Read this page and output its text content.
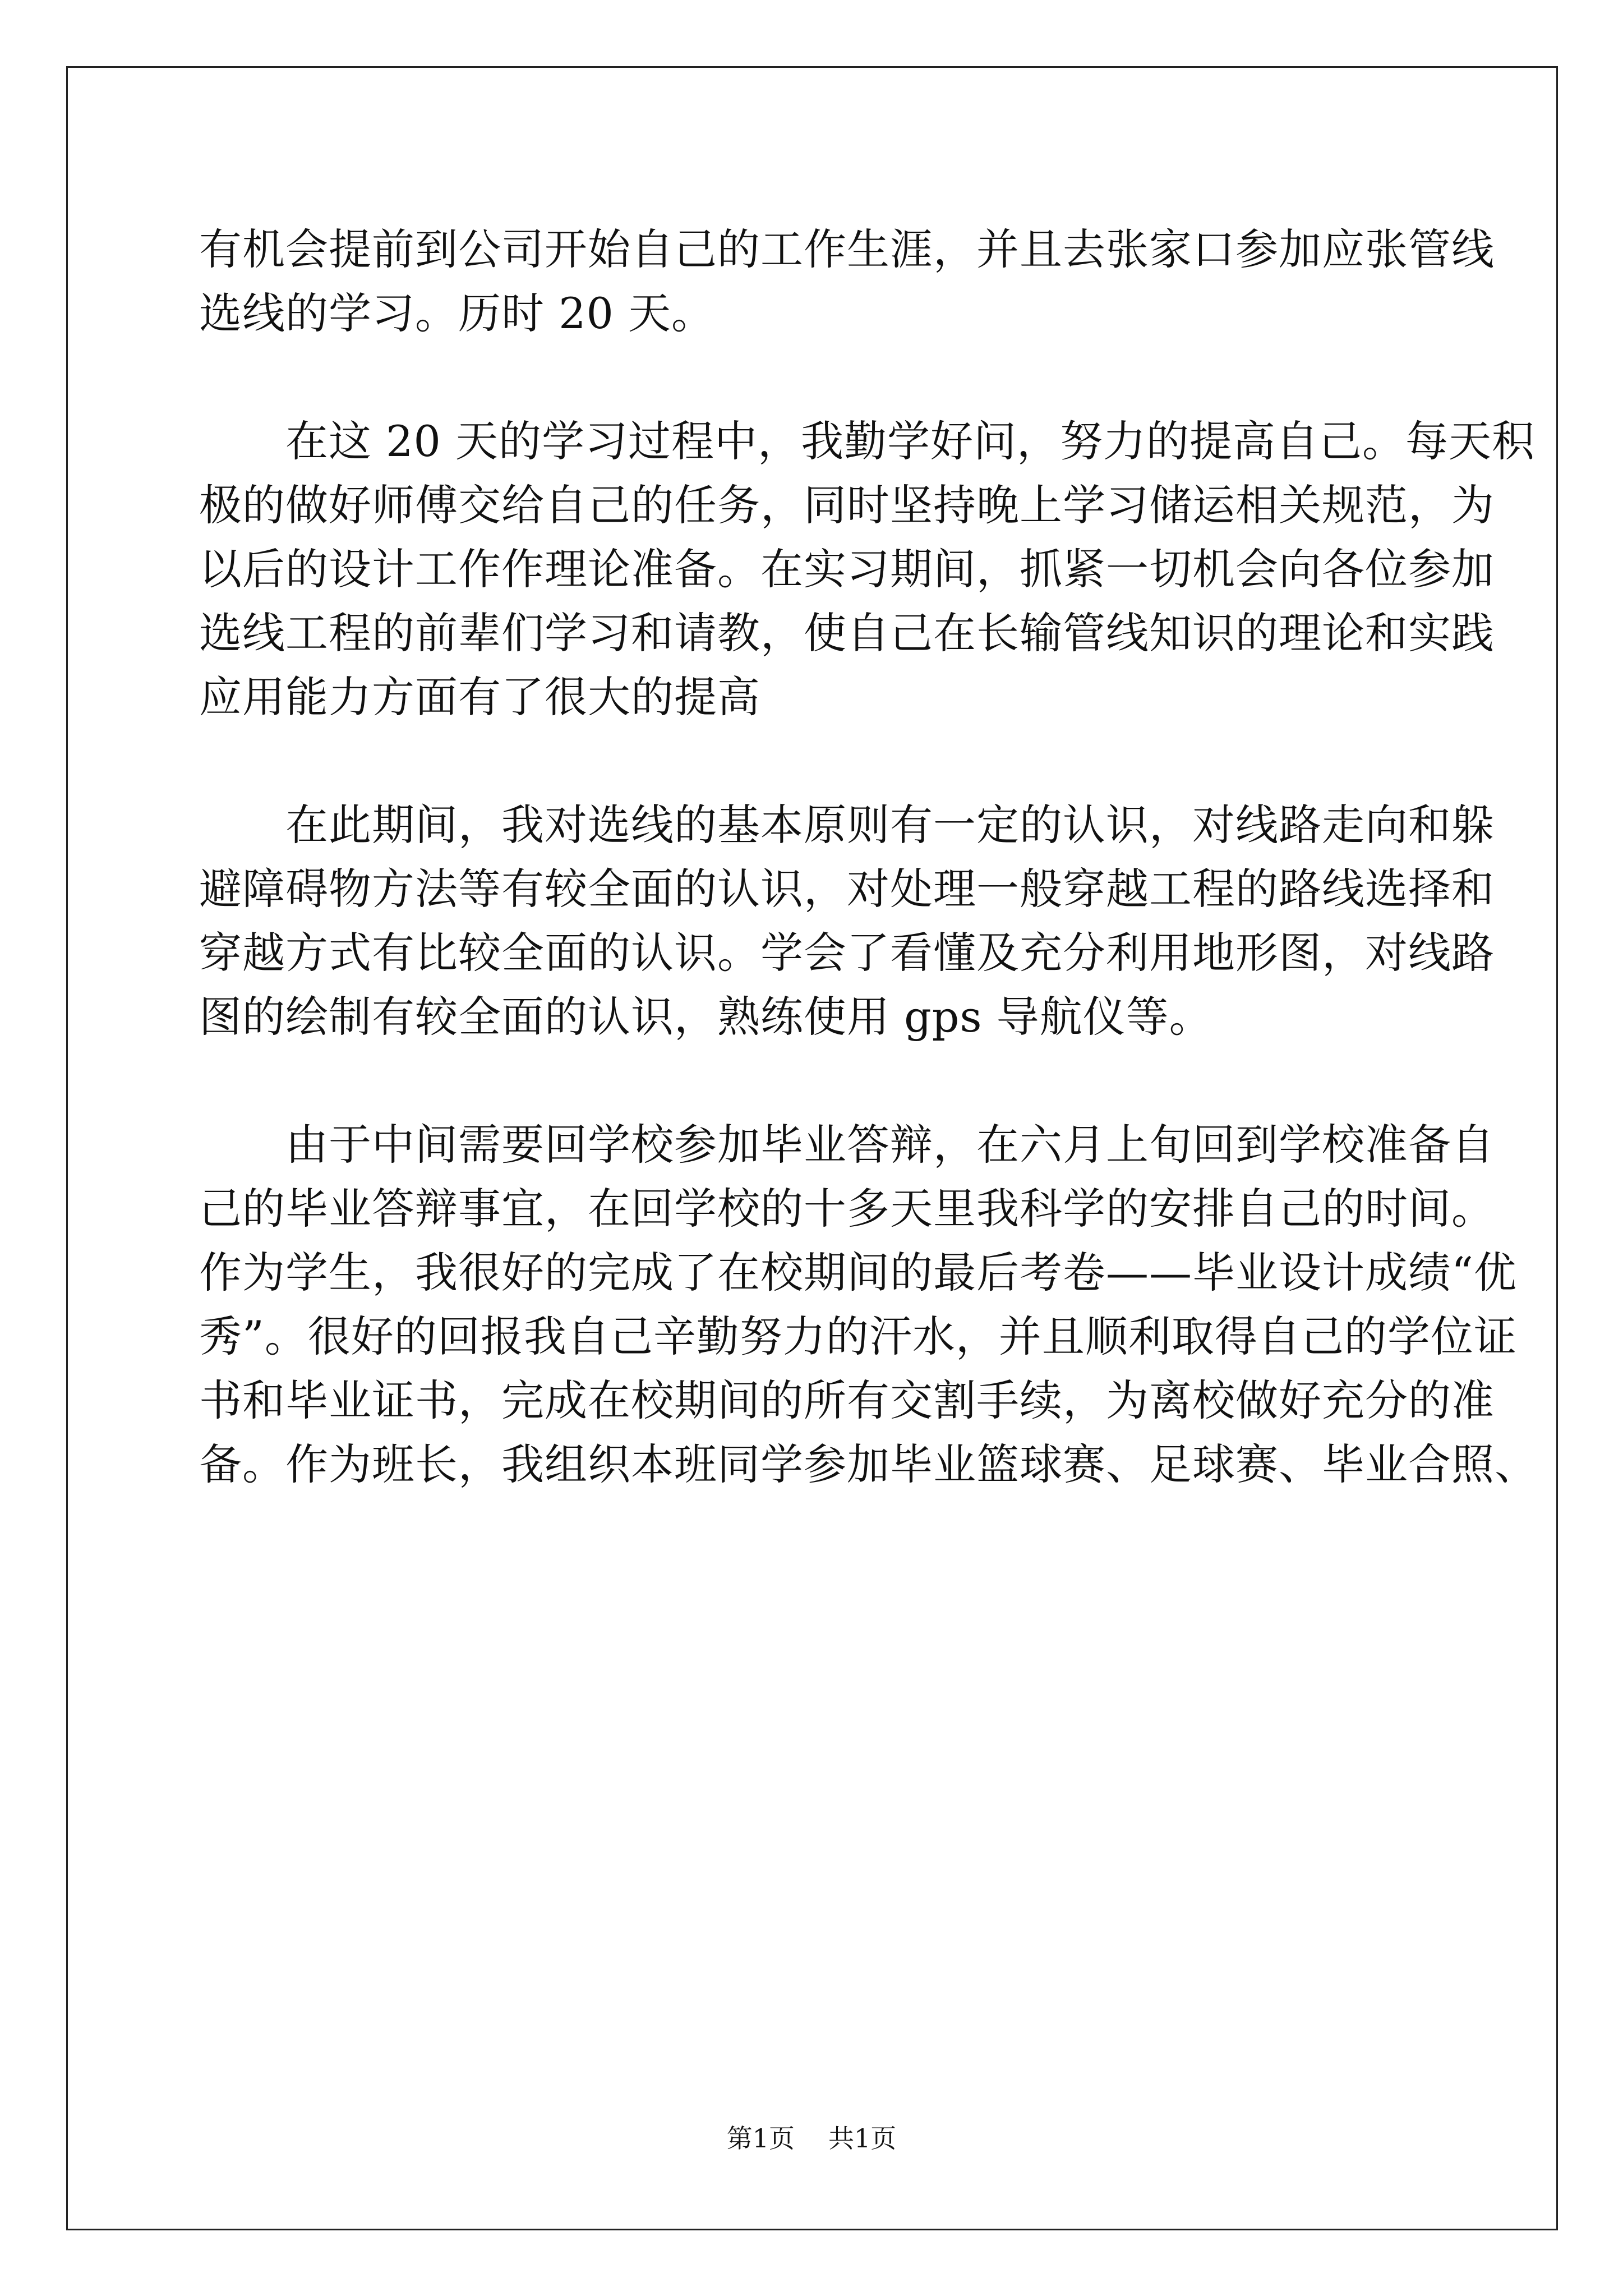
有机会提前到公司开始自己的工作生涯，并且去张家口参加应张管线
选线的学习。历时 20 天。
　　在这 20 天的学习过程中，我勤学好问，努力的提高自己。每天积
极的做好师傅交给自己的任务，同时坚持晚上学习储运相关规范，为
以后的设计工作作理论准备。在实习期间，抓紧一切机会向各位参加
选线工程的前辈们学习和请教，使自己在长输管线知识的理论和实践
应用能力方面有了很大的提高
　　在此期间，我对选线的基本原则有一定的认识，对线路走向和躲
避障碍物方法等有较全面的认识，对处理一般穿越工程的路线选择和
穿越方式有比较全面的认识。学会了看懂及充分利用地形图，对线路
图的绘制有较全面的认识，熟练使用 gps 导航仪等。
　　由于中间需要回学校参加毕业答辩，在六月上旬回到学校准备自
己的毕业答辩事宜，在回学校的十多天里我科学的安排自己的时间。
作为学生，我很好的完成了在校期间的最后考卷——毕业设计成绩“优
秀”。很好的回报我自己辛勤努力的汗水，并且顺利取得自己的学位证
书和毕业证书，完成在校期间的所有交割手续，为离校做好充分的准
备。作为班长，我组织本班同学参加毕业篮球赛、足球赛、毕业合照、
第1页 共1页
